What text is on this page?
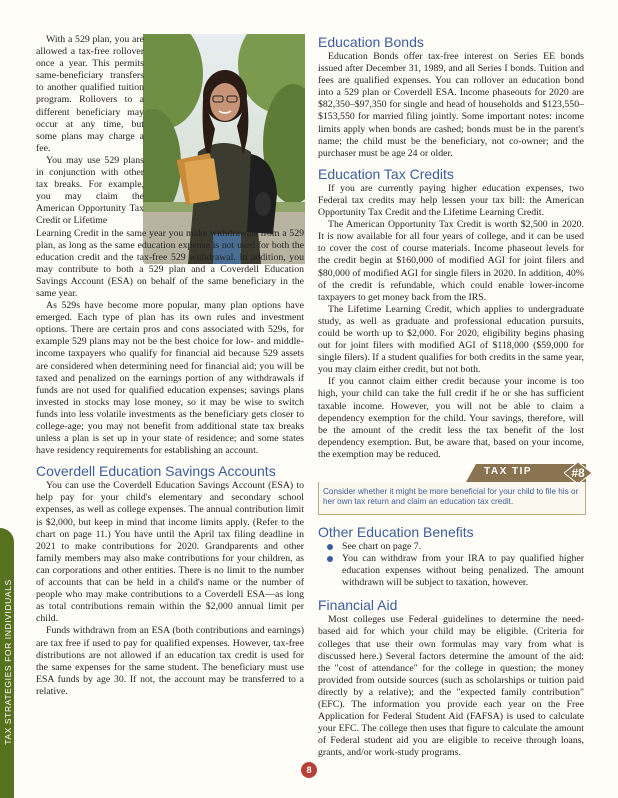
TAX STRATEGIES FOR INDIVIDUALS

With a 529 plan, you are allowed a tax-free rollover once a year. This permits same-beneficiary transfers to another qualified tuition program. Rollovers to a different beneficiary may occur at any time, but some plans may charge a fee.

You may use 529 plans in conjunction with other tax breaks. For example, you may claim the American Opportunity Tax Credit or Lifetime

Learning Credit in the same year you make withdrawals from a 529 plan, as long as the same education expense is not used for both the education credit and the tax-free 529 withdrawal. In addition, you may contribute to both a 529 plan and a Coverdell Education Savings Account (ESA) on behalf of the same beneficiary in the same year.

As 529s have become more popular, many plan options have emerged. Each type of plan has its own rules and investment options. There are certain pros and cons associated with 529s, for example 529 plans may not be the best choice for low- and middle-income taxpayers who qualify for financial aid because 529 assets are considered when determining need for financial aid; you will be taxed and penalized on the earnings portion of any withdrawals if funds are not used for qualified education expenses; savings plans invested in stocks may lose money, so it may be wise to switch funds into less volatile investments as the beneficiary gets closer to college-age; you may not benefit from additional state tax breaks unless a plan is set up in your state of residence; and some states have residency requirements for establishing an account.

Coverdell Education Savings Accounts

You can use the Coverdell Education Savings Account (ESA) to help pay for your child's elementary and secondary school expenses, as well as college expenses. The annual contribution limit is $2,000, but keep in mind that income limits apply. (Refer to the chart on page 11.) You have until the April tax filing deadline in 2021 to make contributions for 2020. Grandparents and other family members may also make contributions for your children, as can corporations and other entities. There is no limit to the number of accounts that can be held in a child's name or the number of people who may make contributions to a Coverdell ESA—as long as total contributions remain within the $2,000 annual limit per child.

Funds withdrawn from an ESA (both contributions and earnings) are tax free if used to pay for qualified expenses. However, tax-free distributions are not allowed if an education tax credit is used for the same expenses for the same student. The beneficiary must use ESA funds by age 30. If not, the account may be transferred to a relative.

Education Bonds

Education Bonds offer tax-free interest on Series EE bonds issued after December 31, 1989, and all Series I bonds. Tuition and fees are qualified expenses. You can rollover an education bond into a 529 plan or Coverdell ESA. Income phaseouts for 2020 are $82,350–$97,350 for single and head of households and $123,550–$153,550 for married filing jointly. Some important notes: income limits apply when bonds are cashed; bonds must be in the parent's name; the child must be the beneficiary, not co-owner; and the purchaser must be age 24 or older.

Education Tax Credits

If you are currently paying higher education expenses, two Federal tax credits may help lessen your tax bill: the American Opportunity Tax Credit and the Lifetime Learning Credit.

The American Opportunity Tax Credit is worth $2,500 in 2020. It is now available for all four years of college, and it can be used to cover the cost of course materials. Income phaseout levels for the credit begin at $160,000 of modified AGI for joint filers and $80,000 of modified AGI for single filers in 2020. In addition, 40% of the credit is refundable, which could enable lower-income taxpayers to get money back from the IRS.

The Lifetime Learning Credit, which applies to undergraduate study, as well as graduate and professional education pursuits, could be worth up to $2,000. For 2020, eligibility begins phasing out for joint filers with modified AGI of $118,000 ($59,000 for single filers). If a student qualifies for both credits in the same year, you may claim either credit, but not both.

If you cannot claim either credit because your income is too high, your child can take the full credit if he or she has sufficient taxable income. However, you will not be able to claim a dependency exemption for the child. Your savings, therefore, will be the amount of the credit less the tax benefit of the lost dependency exemption. But, be aware that, based on your income, the exemption may be reduced.

TAX TIP	#8
Consider whether it might be more beneficial for your child to file his or her own tax return and claim an education tax credit.
Other Education Benefits
See chart on page 7.
You can withdraw from your IRA to pay qualified higher education expenses without being penalized. The amount withdrawn will be subject to taxation, however.
Financial Aid

Most colleges use Federal guidelines to determine the need-based aid for which your child may be eligible. (Criteria for colleges that use their own formulas may vary from what is discussed here.) Several factors determine the amount of the aid: the "cost of attendance" for the college in question; the money provided from outside sources (such as scholarships or tuition paid directly by a relative); and the "expected family contribution" (EFC). The information you provide each year on the Free Application for Federal Student Aid (FAFSA) is used to calculate your EFC. The college then uses that figure to calculate the amount of Federal student aid you are eligible to receive through loans, grants, and/or work-study programs.

8
